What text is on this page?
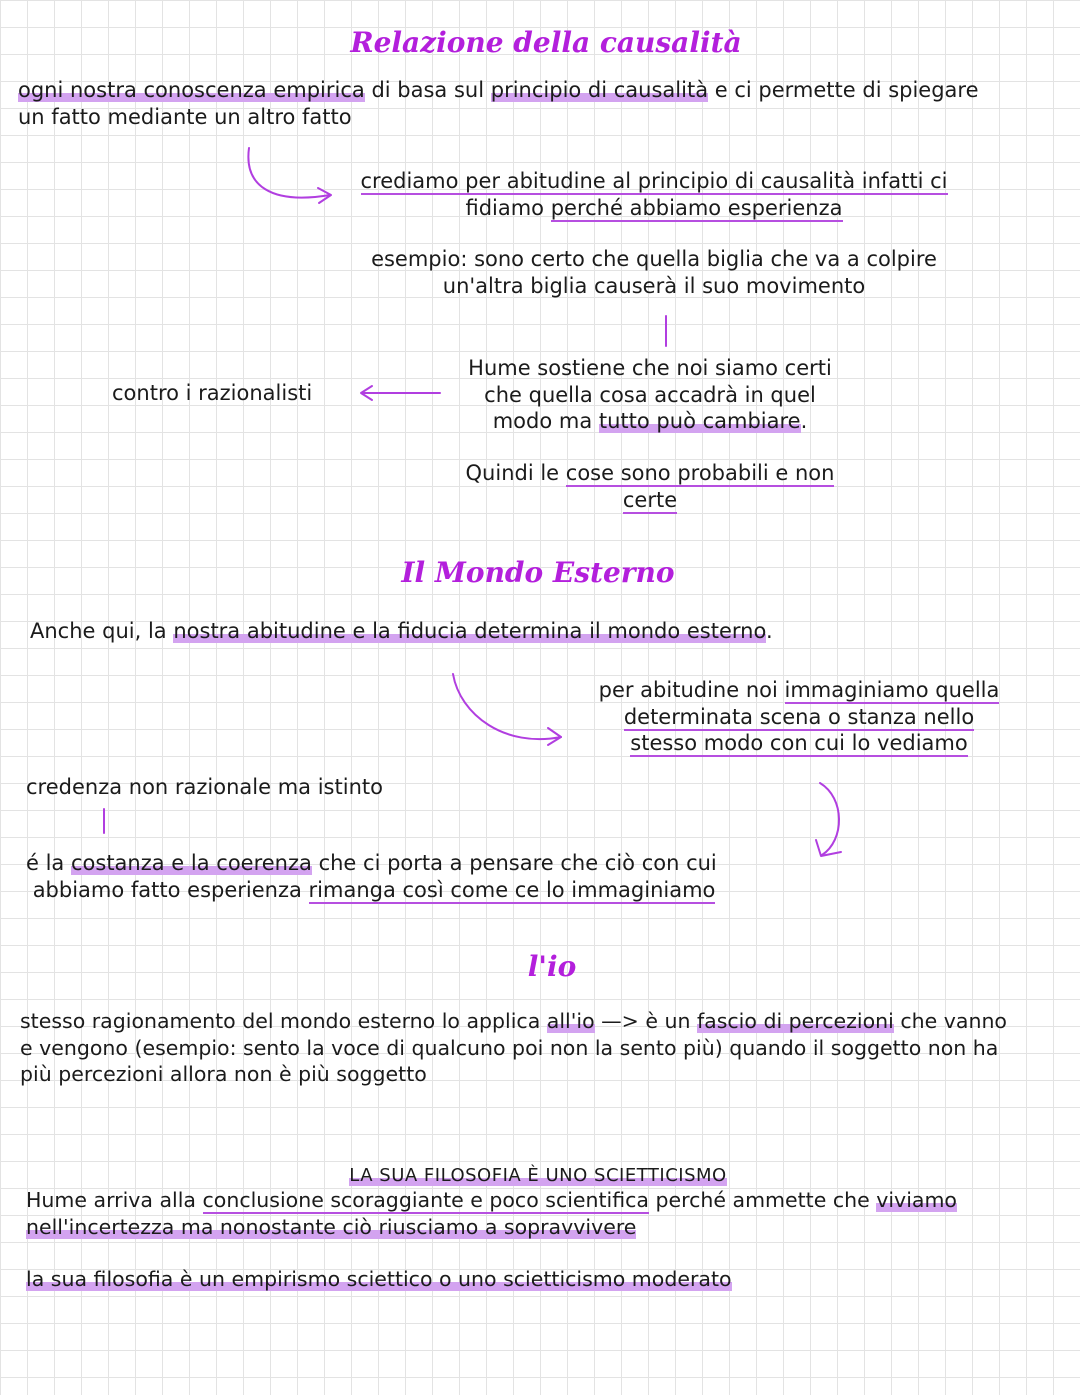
Relazione della causalità

ogni nostra conoscenza empirica di basa sul principio di causalità e ci permette di spiegare
un fatto mediante un altro fatto

crediamo per abitudine al principio di causalità infatti ci
fidiamo perché abbiamo esperienza

esempio: sono certo che quella biglia che va a colpire
un'altra biglia causerà il suo movimento

Hume sostiene che noi siamo certi
che quella cosa accadrà in quel
modo ma tutto può cambiare.

contro i razionalisti

Quindi le cose sono probabili e non
certe

Il Mondo Esterno

Anche qui, la nostra abitudine e la fiducia determina il mondo esterno.

per abitudine noi immaginiamo quella
determinata scena o stanza nello
stesso modo con cui lo vediamo

credenza non razionale ma istinto

é la costanza e la coerenza che ci porta a pensare che ciò con cui
abbiamo fatto esperienza rimanga così come ce lo immaginiamo

l'io

stesso ragionamento del mondo esterno lo applica all'io —> è un fascio di percezioni che vanno
e vengono (esempio: sento la voce di qualcuno poi non la sento più) quando il soggetto non ha
più percezioni allora non è più soggetto

LA SUA FILOSOFIA È UNO SCIETTICISMO

Hume arriva alla conclusione scoraggiante e poco scientifica perché ammette che viviamo
nell'incertezza ma nonostante ciò riusciamo a sopravvivere

la sua filosofia è un empirismo sciettico o uno scietticismo moderato
